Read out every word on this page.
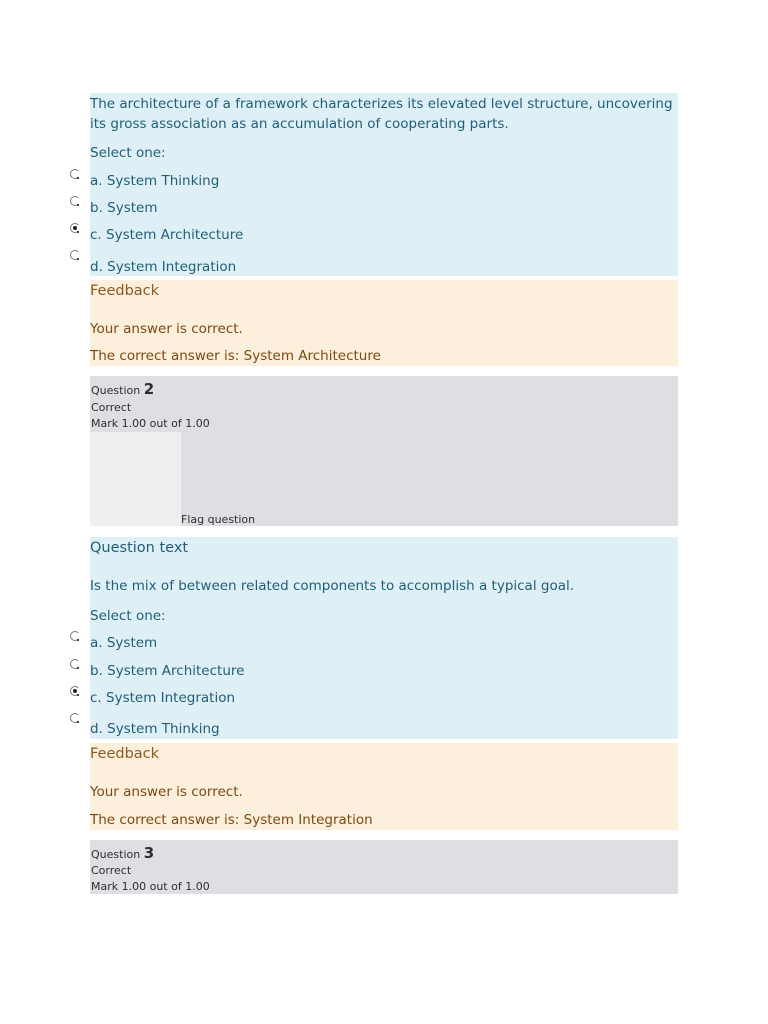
The architecture of a framework characterizes its elevated level structure, uncovering its gross association as an accumulation of cooperating parts.
Select one:
a. System Thinking
b. System
c. System Architecture
d. System Integration
Feedback
Your answer is correct.
The correct answer is: System Architecture
Question 2
Correct
Mark 1.00 out of 1.00
Flag question
Question text
Is the mix of between related components to accomplish a typical goal.
Select one:
a. System
b. System Architecture
c. System Integration
d. System Thinking
Feedback
Your answer is correct.
The correct answer is: System Integration
Question 3
Correct
Mark 1.00 out of 1.00
